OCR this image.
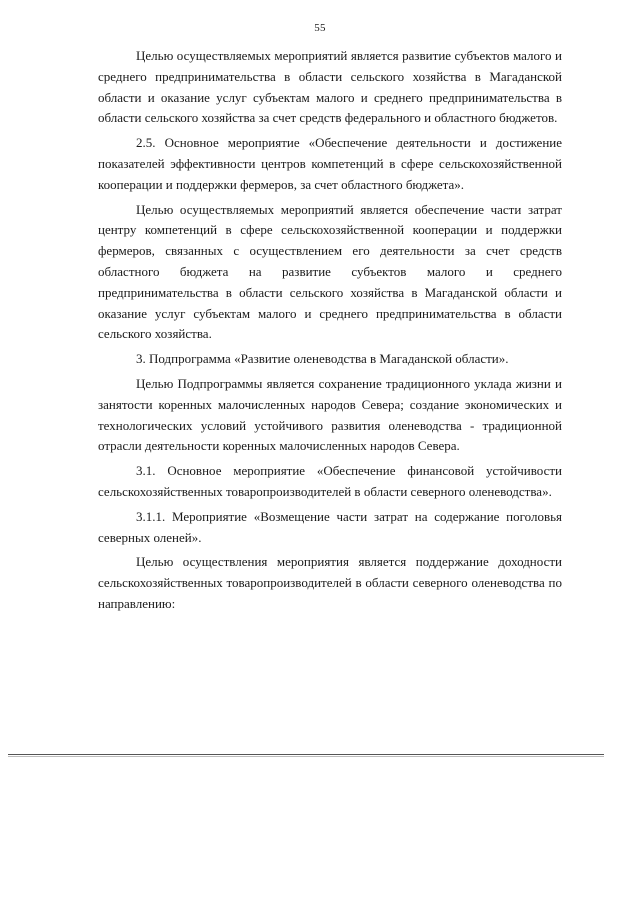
55

Целью осуществляемых мероприятий является развитие субъектов малого и среднего предпринимательства в области сельского хозяйства в Магаданской области и оказание услуг субъектам малого и среднего предпринимательства в области сельского хозяйства за счет средств федерального и областного бюджетов.

2.5. Основное мероприятие «Обеспечение деятельности и достижение показателей эффективности центров компетенций в сфере сельскохозяйственной кооперации и поддержки фермеров, за счет областного бюджета».

Целью осуществляемых мероприятий является обеспечение части затрат центру компетенций в сфере сельскохозяйственной кооперации и поддержки фермеров, связанных с осуществлением его деятельности за счет средств областного бюджета на развитие субъектов малого и среднего предпринимательства в области сельского хозяйства в Магаданской области и оказание услуг субъектам малого и среднего предпринимательства в области сельского хозяйства.

3. Подпрограмма «Развитие оленеводства в Магаданской области».

Целью Подпрограммы является сохранение традиционного уклада жизни и занятости коренных малочисленных народов Севера; создание экономических и технологических условий устойчивого развития оленеводства - традиционной отрасли деятельности коренных малочисленных народов Севера.

3.1. Основное мероприятие «Обеспечение финансовой устойчивости сельскохозяйственных товаропроизводителей в области северного оленеводства».

3.1.1. Мероприятие «Возмещение части затрат на содержание поголовья северных оленей».

Целью осуществления мероприятия является поддержание доходности сельскохозяйственных товаропроизводителей в области северного оленеводства по направлению:
